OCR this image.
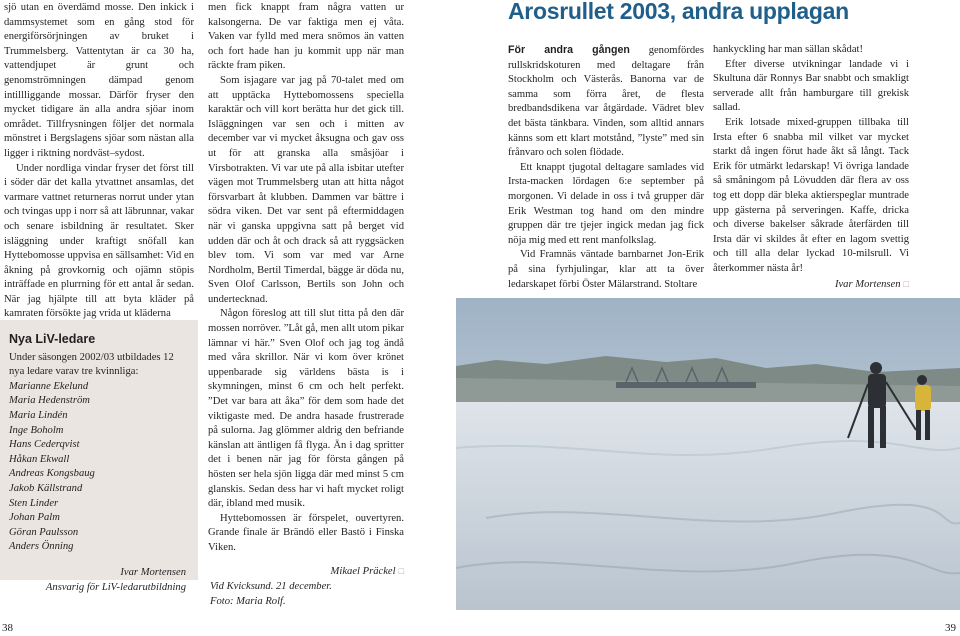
Arosrullet 2003, andra upplagan

sjö utan en överdämd mosse. Den inkick i dammsystemet som en gång stod för energiförsörjningen av bruket i Trummelsberg. Vattentytan är ca 30 ha, vattendjupet är grunt och genomströmningen dämpad genom intillliggande mossar. Därför fryser den mycket tidigare än alla andra sjöar inom området. Tillfrysningen följer det normala mönstret i Bergslagens sjöar som nästan alla ligger i riktning nordväst–sydost.

Under nordliga vindar fryser det först till i söder där det kalla ytvattnet ansamlas, det varmare vattnet returneras norrut under ytan och tvingas upp i norr så att läbrunnar, vakar och senare isbildning är resultatet. Sker isläggning under kraftigt snöfall kan Hyttebomosse uppvisa en sällsamhet: Vid en åkning på grovkornig och ojämn stöpis inträffade en plurrning för ett antal år sedan. När jag hjälpte till att byta kläder på kamraten försökte jag vrida ut kläderna

Nya LiV-ledare
Under säsongen 2002/03 utbildades 12 nya ledare varav tre kvinnliga:
Marianne Ekelund
Maria Hedenström
Maria Lindén
Inge Boholm
Hans Cederqvist
Håkan Ekwall
Andreas Kongsbaug
Jakob Källstrand
Sten Linder
Johan Palm
Göran Paulsson
Anders Önning
Ivar Mortensen
Ansvarig för LiV-ledarutbildning

men fick knappt fram några vatten ur kalsongerna. De var faktiga men ej våta. Vaken var fylld med mera snömos än vatten och fort hade han ju kommit upp när man räckte fram piken.

Som isjagare var jag på 70-talet med om att upptäcka Hyttebomossens speciella karaktär och vill kort berätta hur det gick till. Isläggningen var sen och i mitten av december var vi mycket åksugna och gav oss ut för att granska alla småsjöar i Virsbotrakten. Vi var ute på alla isbitar utefter vägen mot Trummelsberg utan att hitta något försvarbart åt klubben. Dammen var bättre i södra viken. Det var sent på eftermiddagen när vi ganska uppgivna satt på berget vid udden där och åt och drack så att ryggsäcken blev tom. Vi som var med var Arne Nordholm, Bertil Timerdal, bägge är döda nu, Sven Olof Carlsson, Bertils son John och undertecknad.

Någon föreslog att till slut titta på den där mossen norröver. ”Låt gå, men allt utom pikar lämnar vi här.” Sven Olof och jag tog ändå med våra skrillor. När vi kom över krönet uppenbarade sig världens bästa is i skymningen, minst 6 cm och helt perfekt. ”Det var bara att åka” för dem som hade det viktigaste med. De andra hasade frustrerade på sulorna. Jag glömmer aldrig den befriande känslan att äntligen få flyga. Än i dag spritter det i benen när jag för första gången på hösten ser hela sjön ligga där med minst 5 cm glanskis. Sedan dess har vi haft mycket roligt där, ibland med musik.

Hyttebomossen är förspelet, ouvertyren. Grande finale är Brändö eller Bastö i Finska Viken.

Mikael Präckel □
Vid Kvicksund. 21 december.
Foto: Maria Rolf.

För andra gången genomfördes rullskridskoturen med deltagare från Stockholm och Västerås. Banorna var de samma som förra året, de flesta bredbandsdikena var åtgärdade. Vädret blev det bästa tänkbara. Vinden, som alltid annars känns som ett klart motstånd, ”lyste” med sin frånvaro och solen flödade.

Ett knappt tjugotal deltagare samlades vid Irsta-macken lördagen 6:e september på morgonen. Vi delade in oss i två grupper där Erik Westman tog hand om den mindre gruppen där tre tjejer ingick medan jag fick nöja mig med ett rent manfolkslag.

Vid Framnäs väntade barnbarnet Jon-Erik på sina fyrhjulingar, klar att ta över ledarskapet förbi Öster Mälarstrand. Stoltare

hankyckling har man sällan skådat!

Efter diverse utvikningar landade vi i Skultuna där Ronnys Bar snabbt och smakligt serverade allt från hamburgare till grekisk sallad.

Erik lotsade mixed-gruppen tillbaka till Irsta efter 6 snabba mil vilket var mycket starkt då ingen förut hade åkt så långt. Tack Erik för utmärkt ledarskap! Vi övriga landade så småningom på Lövudden där flera av oss tog ett dopp där bleka aktierspeglar muntrade upp gästerna på serveringen. Kaffe, dricka och diverse bakelser såkrade återfärden till Irsta där vi skildes åt efter en lagom svettig och till alla delar lyckad 10-milsrull. Vi återkommer nästa år!

Ivar Mortensen □
38	39
